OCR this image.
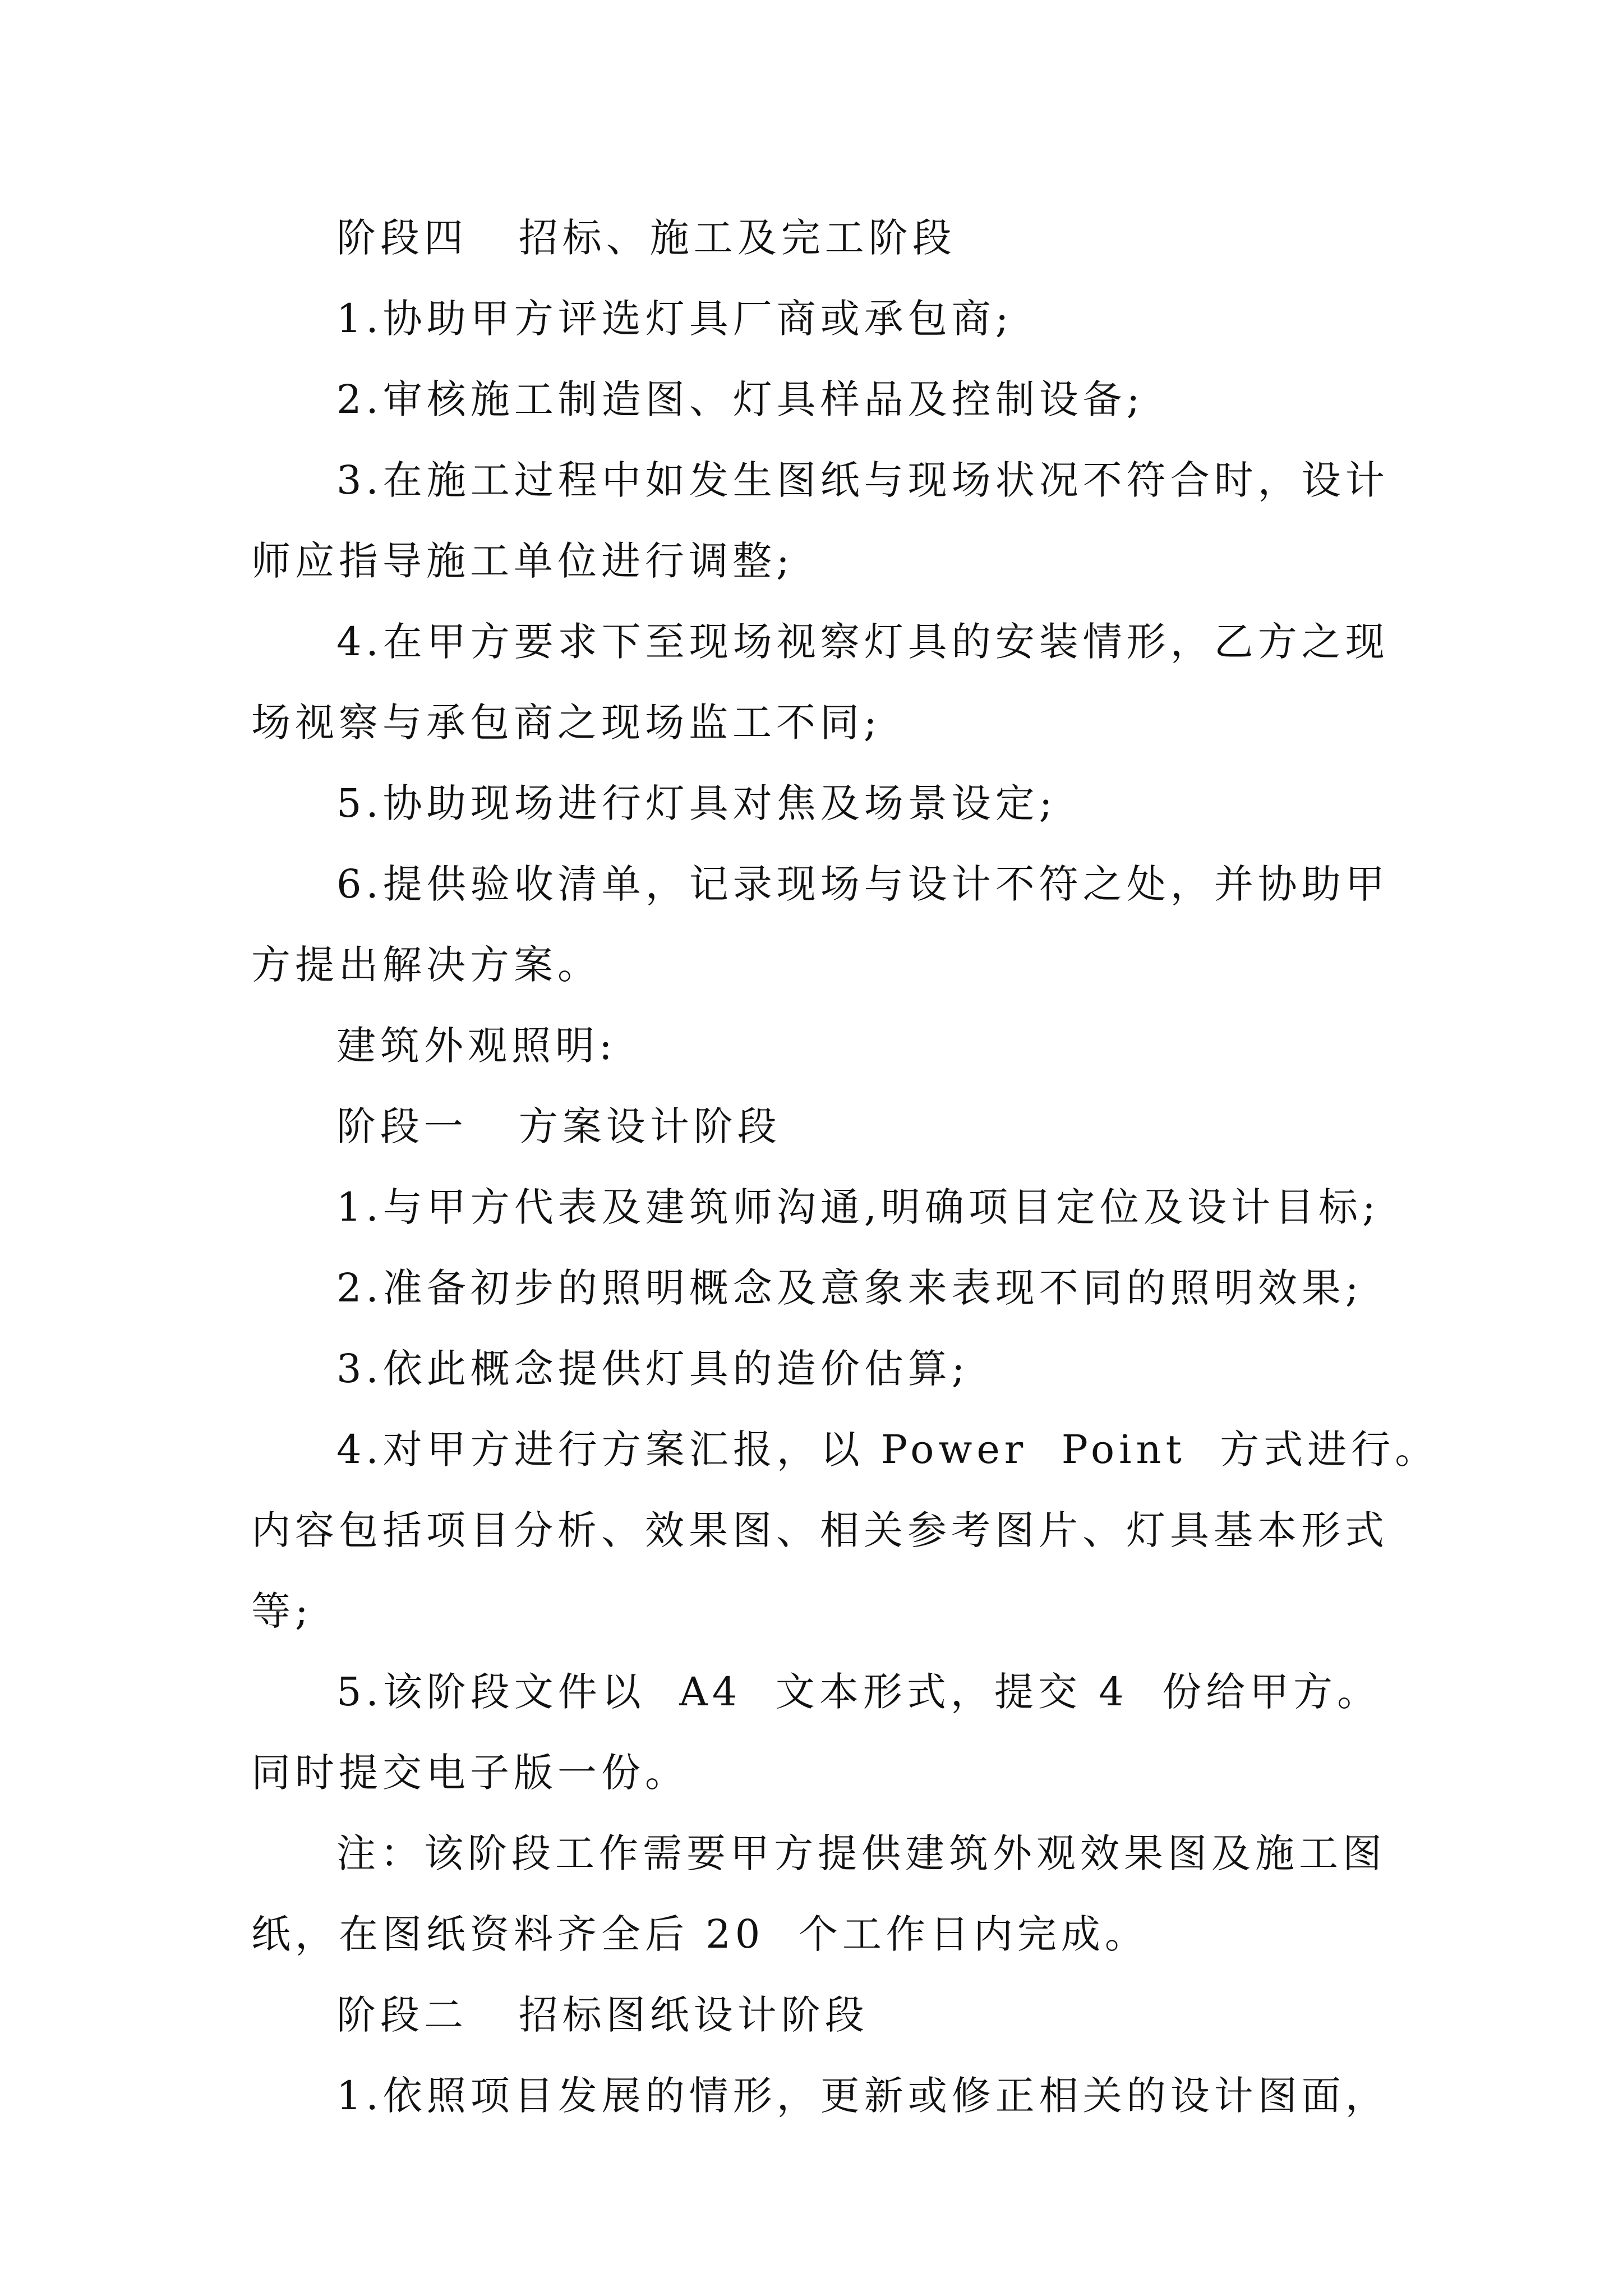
阶段四   招标、施工及完工阶段
1.协助甲方评选灯具厂商或承包商;
2.审核施工制造图、灯具样品及控制设备;
3.在施工过程中如发生图纸与现场状况不符合时，设计
师应指导施工单位进行调整;
4.在甲方要求下至现场视察灯具的安装情形，乙方之现
场视察与承包商之现场监工不同;
5.协助现场进行灯具对焦及场景设定;
6.提供验收清单，记录现场与设计不符之处，并协助甲
方提出解决方案。
建筑外观照明:
阶段一   方案设计阶段
1.与甲方代表及建筑师沟通,明确项目定位及设计目标;
2.准备初步的照明概念及意象来表现不同的照明效果;
3.依此概念提供灯具的造价估算;
4.对甲方进行方案汇报，以 Power  Point  方式进行。
内容包括项目分析、效果图、相关参考图片、灯具基本形式
等;
5.该阶段文件以  A4  文本形式，提交 4  份给甲方。
同时提交电子版一份。
注：该阶段工作需要甲方提供建筑外观效果图及施工图
纸，在图纸资料齐全后 20  个工作日内完成。
阶段二   招标图纸设计阶段
1.依照项目发展的情形，更新或修正相关的设计图面，
